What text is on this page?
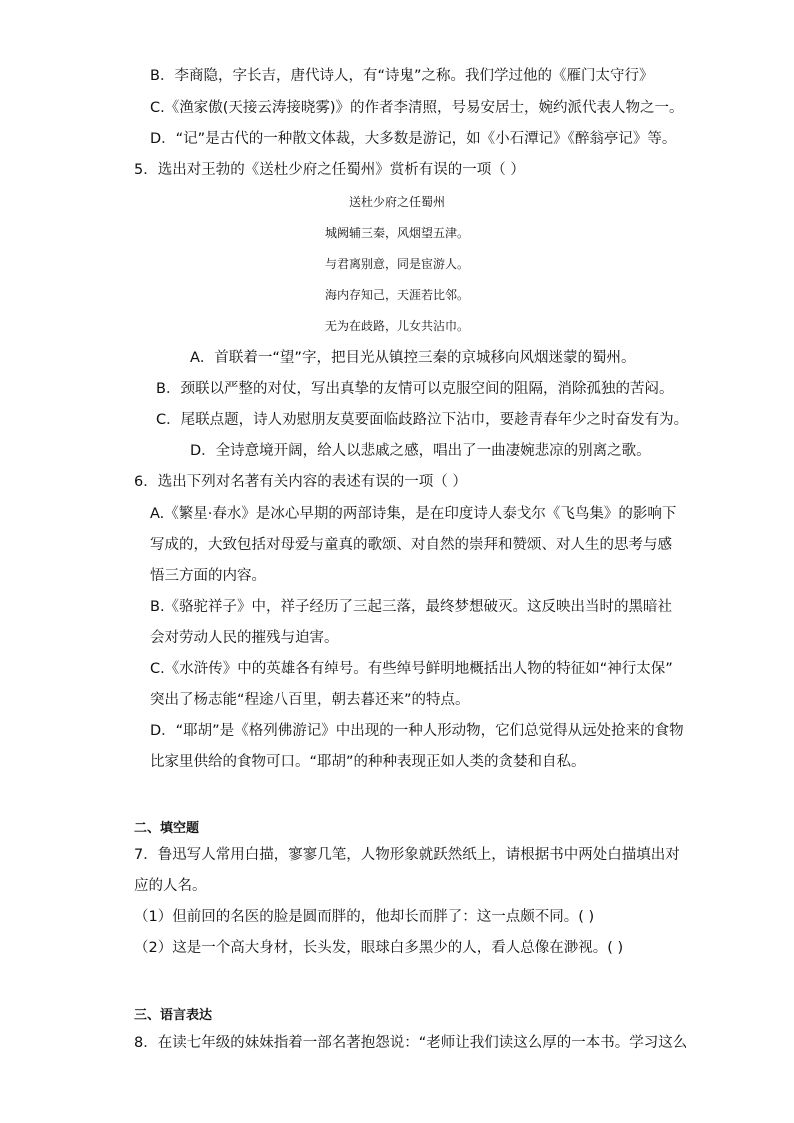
B．李商隐，字长吉，唐代诗人，有“诗鬼”之称。我们学过他的《雁门太守行》
C.《渔家傲(天接云涛接晓雾)》的作者李清照，号易安居士，婉约派代表人物之一。
D．“记”是古代的一种散文体裁，大多数是游记，如《小石潭记》《醉翁亭记》等。
5．选出对王勃的《送杜少府之任蜀州》赏析有误的一项（ ）
送杜少府之任蜀州
城阙辅三秦，风烟望五津。
与君离别意，同是宦游人。
海内存知己，天涯若比邻。
无为在歧路，儿女共沾巾。
A．首联着一“望”字，把目光从镇控三秦的京城移向风烟迷蒙的蜀州。
B．颈联以严整的对仗，写出真挚的友情可以克服空间的阻隔，消除孤独的苦闷。
C．尾联点题，诗人劝慰朋友莫要面临歧路泣下沾巾，要趁青春年少之时奋发有为。
D．全诗意境开阔，给人以悲戚之感，唱出了一曲凄婉悲凉的别离之歌。
6．选出下列对名著有关内容的表述有误的一项（ ）
A.《繁星·春水》是冰心早期的两部诗集，是在印度诗人泰戈尔《飞鸟集》的影响下
写成的，大致包括对母爱与童真的歌颂、对自然的崇拜和赞颂、对人生的思考与感
悟三方面的内容。
B.《骆驼祥子》中，祥子经历了三起三落，最终梦想破灭。这反映出当时的黑暗社
会对劳动人民的摧残与迫害。
C.《水浒传》中的英雄各有绰号。有些绰号鲜明地概括出人物的特征如“神行太保”
突出了杨志能“程途八百里，朝去暮还来”的特点。
D．“耶胡”是《格列佛游记》中出现的一种人形动物，它们总觉得从远处抢来的食物
比家里供给的食物可口。“耶胡”的种种表现正如人类的贪婪和自私。
二、填空题
7．鲁迅写人常用白描，寥寥几笔，人物形象就跃然纸上，请根据书中两处白描填出对
应的人名。
（1）但前回的名医的脸是圆而胖的，他却长而胖了：这一点颇不同。( )
（2）这是一个高大身材，长头发，眼球白多黑少的人，看人总像在渺视。( )
三、语言表达
8．在读七年级的妹妹指着一部名著抱怨说：“老师让我们读这么厚的一本书。学习这么
